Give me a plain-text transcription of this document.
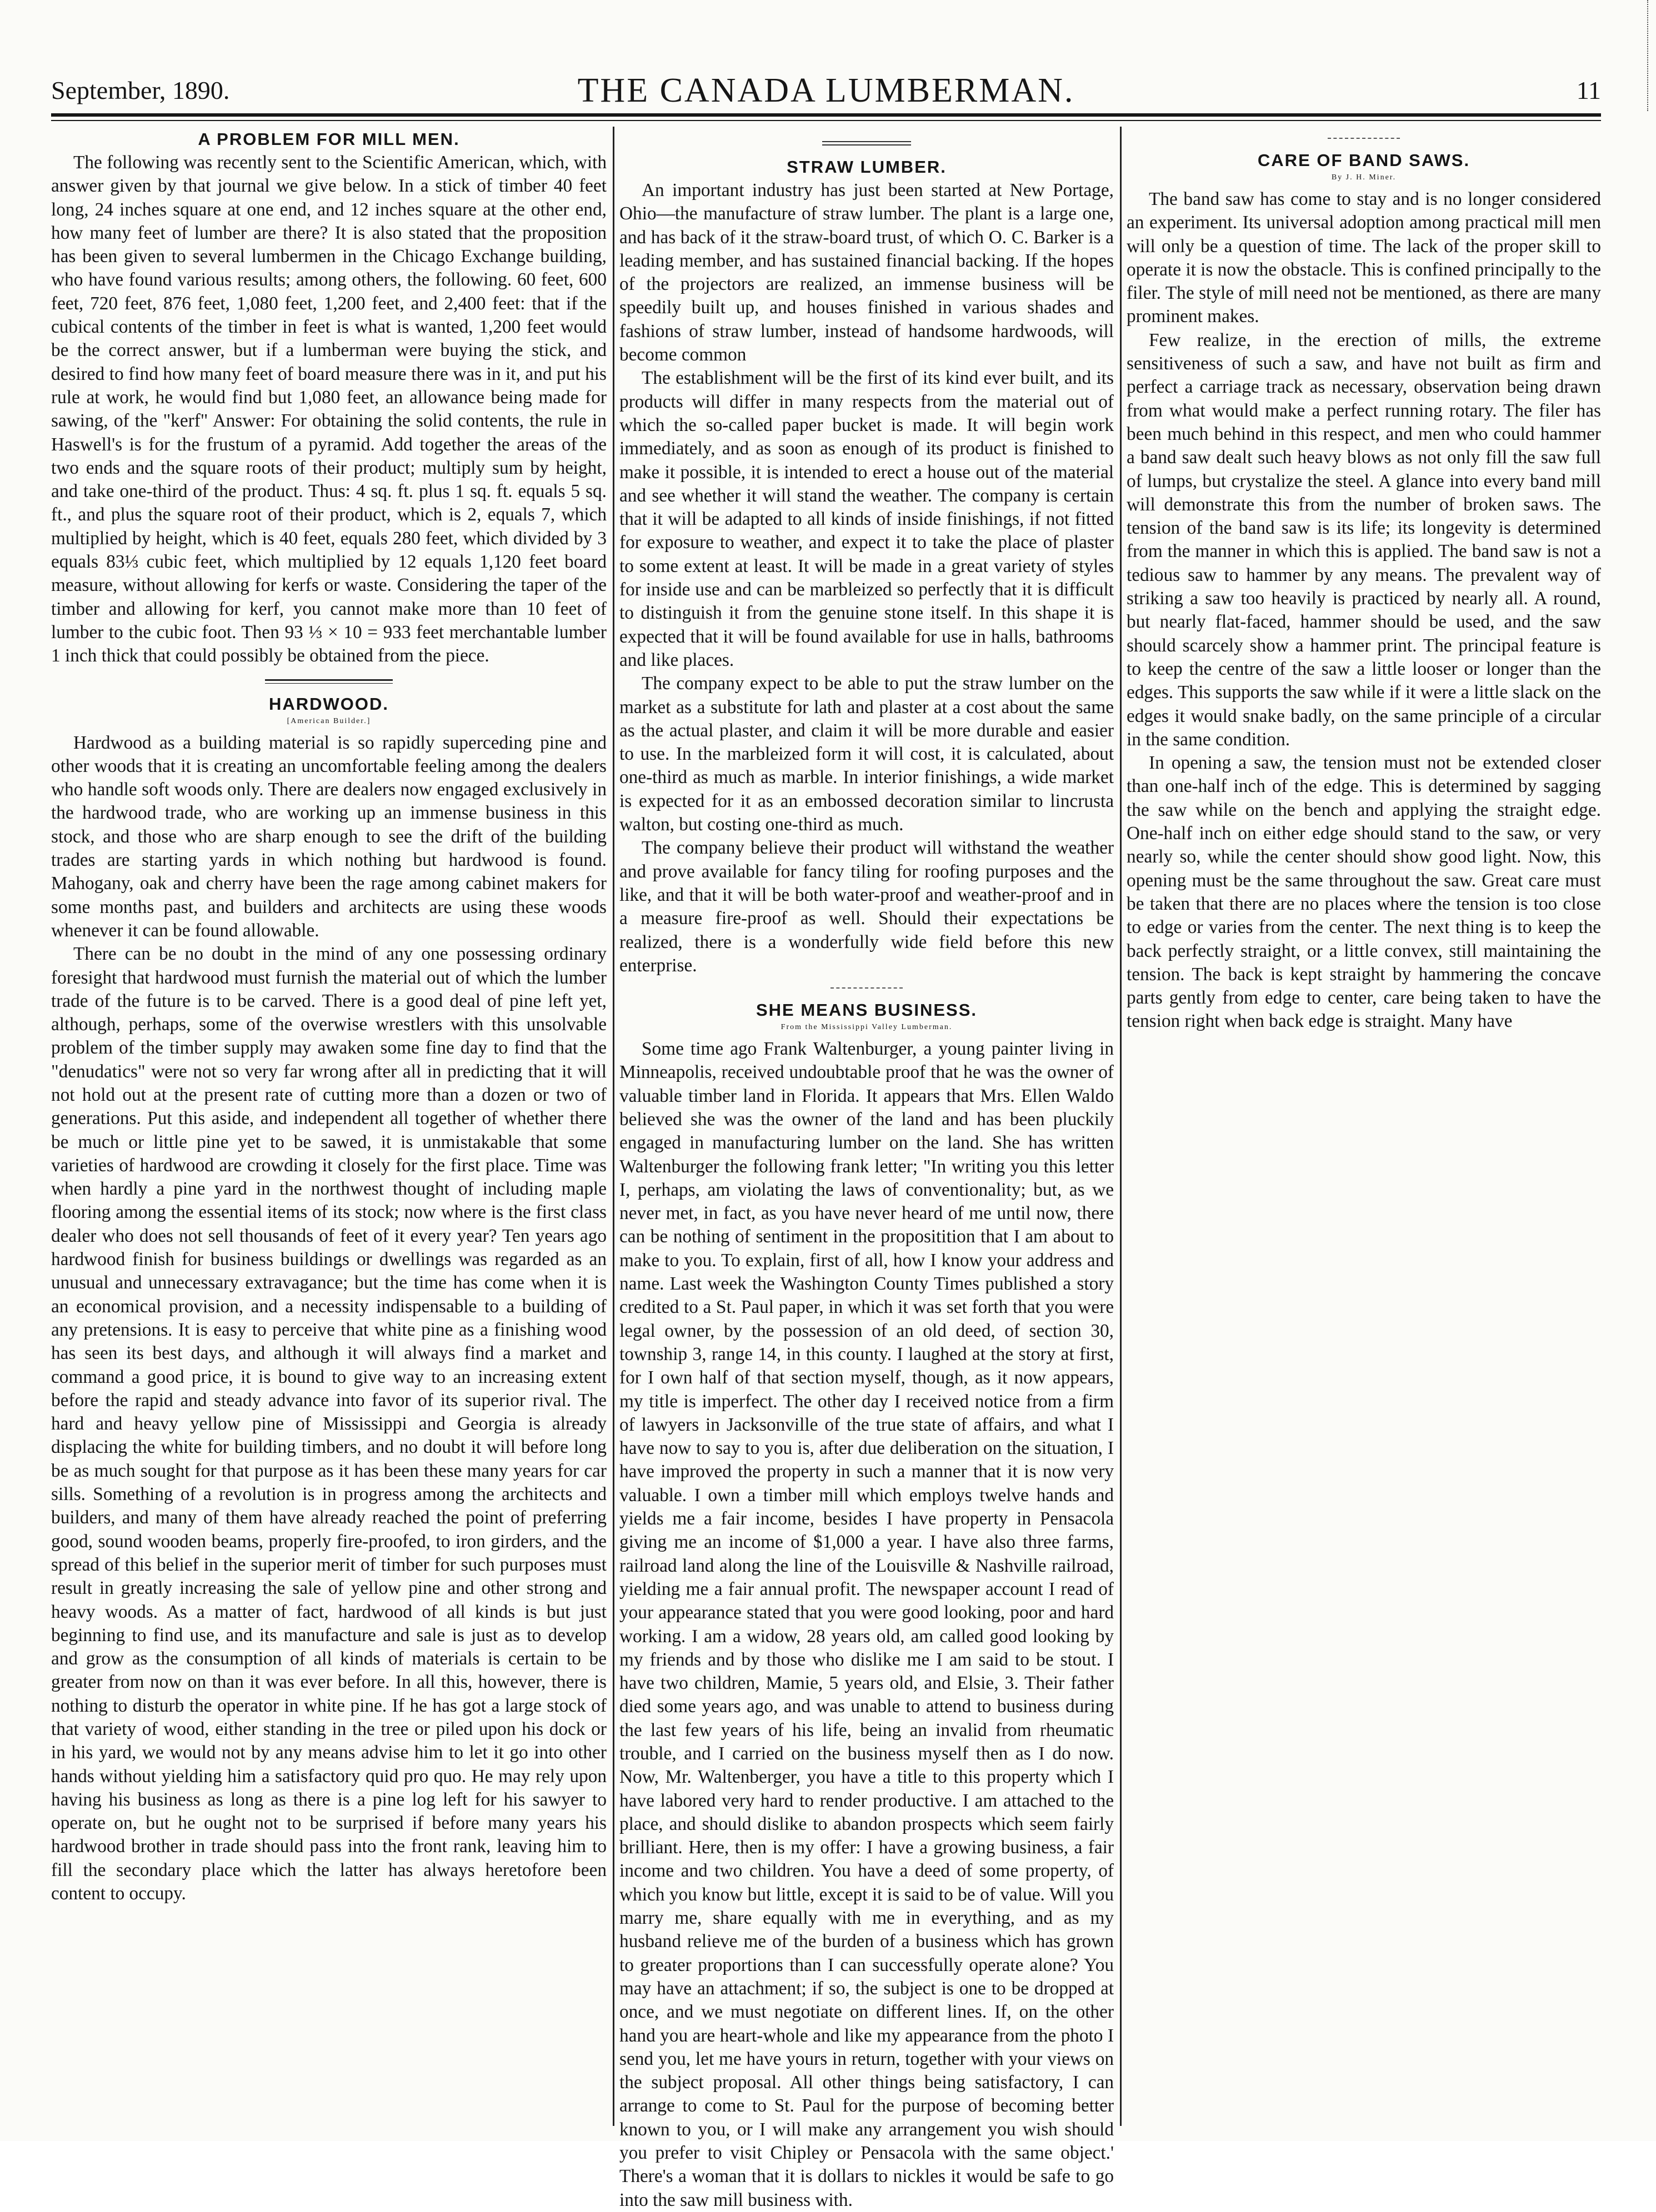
September, 1890.	THE CANADA LUMBERMAN.	11
A PROBLEM FOR MILL MEN.

The following was recently sent to the Scientific American, which, with answer given by that journal we give below. In a stick of timber 40 feet long, 24 inches square at one end, and 12 inches square at the other end, how many feet of lumber are there? It is also stated that the proposition has been given to several lumbermen in the Chicago Exchange building, who have found various results; among others, the following. 60 feet, 600 feet, 720 feet, 876 feet, 1,080 feet, 1,200 feet, and 2,400 feet: that if the cubical contents of the timber in feet is what is wanted, 1,200 feet would be the correct answer, but if a lumberman were buying the stick, and desired to find how many feet of board measure there was in it, and put his rule at work, he would find but 1,080 feet, an allowance being made for sawing, of the "kerf" Answer: For obtaining the solid contents, the rule in Haswell's is for the frustum of a pyramid. Add together the areas of the two ends and the square roots of their product; multiply sum by height, and take one-third of the product. Thus: 4 sq. ft. plus 1 sq. ft. equals 5 sq. ft., and plus the square root of their product, which is 2, equals 7, which multiplied by height, which is 40 feet, equals 280 feet, which divided by 3 equals 83⅓ cubic feet, which multiplied by 12 equals 1,120 feet board measure, without allowing for kerfs or waste. Considering the taper of the timber and allowing for kerf, you cannot make more than 10 feet of lumber to the cubic foot. Then 93 ⅓ × 10 = 933 feet merchantable lumber 1 inch thick that could possibly be obtained from the piece.

HARDWOOD.
[American Builder.]

Hardwood as a building material is so rapidly superceding pine and other woods that it is creating an uncomfortable feeling among the dealers who handle soft woods only. There are dealers now engaged exclusively in the hardwood trade, who are working up an immense business in this stock, and those who are sharp enough to see the drift of the building trades are starting yards in which nothing but hardwood is found. Mahogany, oak and cherry have been the rage among cabinet makers for some months past, and builders and architects are using these woods whenever it can be found allowable.

There can be no doubt in the mind of any one possessing ordinary foresight that hardwood must furnish the material out of which the lumber trade of the future is to be carved. There is a good deal of pine left yet, although, perhaps, some of the overwise wrestlers with this unsolvable problem of the timber supply may awaken some fine day to find that the "denudatics" were not so very far wrong after all in predicting that it will not hold out at the present rate of cutting more than a dozen or two of generations. Put this aside, and independent all together of whether there be much or little pine yet to be sawed, it is unmistakable that some varieties of hardwood are crowding it closely for the first place. Time was when hardly a pine yard in the northwest thought of including maple flooring among the essential items of its stock; now where is the first class dealer who does not sell thousands of feet of it every year? Ten years ago hardwood finish for business buildings or dwellings was regarded as an unusual and unnecessary extravagance; but the time has come when it is an economical provision, and a necessity indispensable to a building of any pretensions. It is easy to perceive that white pine as a finishing wood has seen its best days, and although it will always find a market and command a good price, it is bound to give way to an increasing extent before the rapid and steady advance into favor of its superior rival. The hard and heavy yellow pine of Mississippi and Georgia is already displacing the white for building timbers, and no doubt it will before long be as much sought for that purpose as it has been these many years for car sills. Something of a revolution is in progress among the architects and builders, and many of them have already reached the point of preferring good, sound wooden beams, properly fire-proofed, to iron girders, and the spread of this belief in the superior merit of timber for such purposes must result in greatly increasing the sale of yellow pine and other strong and heavy woods. As a matter of fact, hardwood of all kinds is but just beginning to find use, and its manufacture and sale is just as to develop and grow as the consumption of all kinds of materials is certain to be greater from now on than it was ever before. In all this, however, there is nothing to disturb the operator in white pine. If he has got a large stock of that variety of wood, either standing in the tree or piled upon his dock or in his yard, we would not by any means advise him to let it go into other hands without yielding him a satisfactory quid pro quo. He may rely upon having his business as long as there is a pine log left for his sawyer to operate on, but he ought not to be surprised if before many years his hardwood brother in trade should pass into the front rank, leaving him to fill the secondary place which the latter has always heretofore been content to occupy.

STRAW LUMBER.

An important industry has just been started at New Portage, Ohio—the manufacture of straw lumber. The plant is a large one, and has back of it the straw-board trust, of which O. C. Barker is a leading member, and has sustained financial backing. If the hopes of the projectors are realized, an immense business will be speedily built up, and houses finished in various shades and fashions of straw lumber, instead of handsome hardwoods, will become common

The establishment will be the first of its kind ever built, and its products will differ in many respects from the material out of which the so-called paper bucket is made. It will begin work immediately, and as soon as enough of its product is finished to make it possible, it is intended to erect a house out of the material and see whether it will stand the weather. The company is certain that it will be adapted to all kinds of inside finishings, if not fitted for exposure to weather, and expect it to take the place of plaster to some extent at least. It will be made in a great variety of styles for inside use and can be marbleized so perfectly that it is difficult to distinguish it from the genuine stone itself. In this shape it is expected that it will be found available for use in halls, bathrooms and like places.

The company expect to be able to put the straw lumber on the market as a substitute for lath and plaster at a cost about the same as the actual plaster, and claim it will be more durable and easier to use. In the marbleized form it will cost, it is calculated, about one-third as much as marble. In interior finishings, a wide market is expected for it as an embossed decoration similar to lincrusta walton, but costing one-third as much.

The company believe their product will withstand the weather and prove available for fancy tiling for roofing purposes and the like, and that it will be both water-proof and weather-proof and in a measure fire-proof as well. Should their expectations be realized, there is a wonderfully wide field before this new enterprise.

SHE MEANS BUSINESS.
From the Mississippi Valley Lumberman.

Some time ago Frank Waltenburger, a young painter living in Minneapolis, received undoubtable proof that he was the owner of valuable timber land in Florida. It appears that Mrs. Ellen Waldo believed she was the owner of the land and has been pluckily engaged in manufacturing lumber on the land. She has written Waltenburger the following frank letter; "In writing you this letter I, perhaps, am violating the laws of conventionality; but, as we never met, in fact, as you have never heard of me until now, there can be nothing of sentiment in the propositition that I am about to make to you. To explain, first of all, how I know your address and name. Last week the Washington County Times published a story credited to a St. Paul paper, in which it was set forth that you were legal owner, by the possession of an old deed, of section 30, township 3, range 14, in this county. I laughed at the story at first, for I own half of that section myself, though, as it now appears, my title is imperfect. The other day I received notice from a firm of lawyers in Jacksonville of the true state of affairs, and what I have now to say to you is, after due deliberation on the situation, I have improved the property in such a manner that it is now very valuable. I own a timber mill which employs twelve hands and yields me a fair income, besides I have property in Pensacola giving me an income of $1,000 a year. I have also three farms, railroad land along the line of the Louisville & Nashville railroad, yielding me a fair annual profit. The newspaper account I read of your appearance stated that you were good looking, poor and hard working. I am a widow, 28 years old, am called good looking by my friends and by those who dislike me I am said to be stout. I have two children, Mamie, 5 years old, and Elsie, 3. Their father died some years ago, and was unable to attend to business during the last few years of his life, being an invalid from rheumatic trouble, and I carried on the business myself then as I do now. Now, Mr. Waltenberger, you have a title to this property which I have labored very hard to render productive. I am attached to the place, and should dislike to abandon prospects which seem fairly brilliant. Here, then is my offer: I have a growing business, a fair income and two children. You have a deed of some property, of which you know but little, except it is said to be of value. Will you marry me, share equally with me in everything, and as my husband relieve me of the burden of a business which has grown to greater proportions than I can successfully operate alone? You may have an attachment; if so, the subject is one to be dropped at once, and we must negotiate on different lines. If, on the other hand you are heart-whole and like my appearance from the photo I send you, let me have yours in return, together with your views on the subject proposal. All other things being satisfactory, I can arrange to come to St. Paul for the purpose of becoming better known to you, or I will make any arrangement you wish should you prefer to visit Chipley or Pensacola with the same object.' There's a woman that it is dollars to nickles it would be safe to go into the saw mill business with.

CARE OF BAND SAWS.
By J. H. Miner.

The band saw has come to stay and is no longer considered an experiment. Its universal adoption among practical mill men will only be a question of time. The lack of the proper skill to operate it is now the obstacle. This is confined principally to the filer. The style of mill need not be mentioned, as there are many prominent makes.

Few realize, in the erection of mills, the extreme sensitiveness of such a saw, and have not built as firm and perfect a carriage track as necessary, observation being drawn from what would make a perfect running rotary. The filer has been much behind in this respect, and men who could hammer a band saw dealt such heavy blows as not only fill the saw full of lumps, but crystalize the steel. A glance into every band mill will demonstrate this from the number of broken saws. The tension of the band saw is its life; its longevity is determined from the manner in which this is applied. The band saw is not a tedious saw to hammer by any means. The prevalent way of striking a saw too heavily is practiced by nearly all. A round, but nearly flat-faced, hammer should be used, and the saw should scarcely show a hammer print. The principal feature is to keep the centre of the saw a little looser or longer than the edges. This supports the saw while if it were a little slack on the edges it would snake badly, on the same principle of a circular in the same condition.

In opening a saw, the tension must not be extended closer than one-half inch of the edge. This is determined by sagging the saw while on the bench and applying the straight edge. One-half inch on either edge should stand to the saw, or very nearly so, while the center should show good light. Now, this opening must be the same throughout the saw. Great care must be taken that there are no places where the tension is too close to edge or varies from the center. The next thing is to keep the back perfectly straight, or a little convex, still maintaining the tension. The back is kept straight by hammering the concave parts gently from edge to center, care being taken to have the tension right when back edge is straight. Many have
